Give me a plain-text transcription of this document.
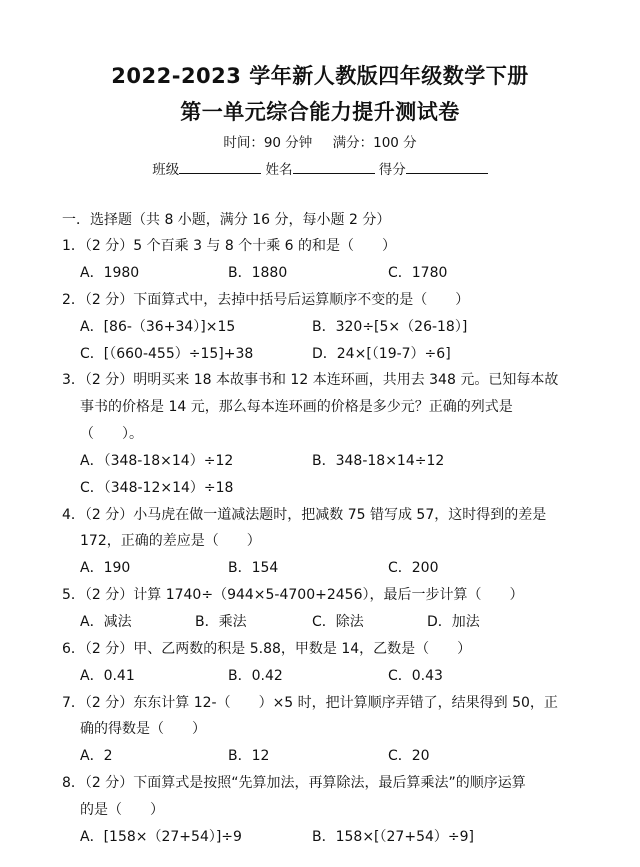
2022-2023 学年新人教版四年级数学下册
第一单元综合能力提升测试卷
时间：90 分钟 满分：100 分
班级	姓名	得分
一．选择题（共 8 小题，满分 16 分，每小题 2 分）
1．（2 分）5 个百乘 3 与 8 个十乘 6 的和是（　　）
A．1980	B．1880	C．1780
2．（2 分）下面算式中，去掉中括号后运算顺序不变的是（　　）
A．[86-（36+34）]×15	B．320÷[5×（26-18）]
C．[（660-455）÷15]+38	D．24×[（19-7）÷6]
3．（2 分）明明买来 18 本故事书和 12 本连环画，共用去 348 元。已知每本故
事书的价格是 14 元，那么每本连环画的价格是多少元？正确的列式是
（　　）。
A．（348-18×14）÷12	B．348-18×14÷12
C．（348-12×14）÷18
4．（2 分）小马虎在做一道减法题时，把减数 75 错写成 57，这时得到的差是
172，正确的差应是（　　）
A．190	B．154	C．200
5．（2 分）计算 1740÷（944×5-4700+2456），最后一步计算（　　）
A．减法	B．乘法	C．除法	D．加法
6．（2 分）甲、乙两数的积是 5.88，甲数是 14，乙数是（　　）
A．0.41	B．0.42	C．0.43
7．（2 分）东东计算 12-（　　）×5 时，把计算顺序弄错了，结果得到 50，正
确的得数是（　　）
A．2	B．12	C．20
8．（2 分）下面算式是按照“先算加法，再算除法，最后算乘法”的顺序运算
的是（　　）
A．[158×（27+54）]÷9	B．158×[（27+54）÷9]
